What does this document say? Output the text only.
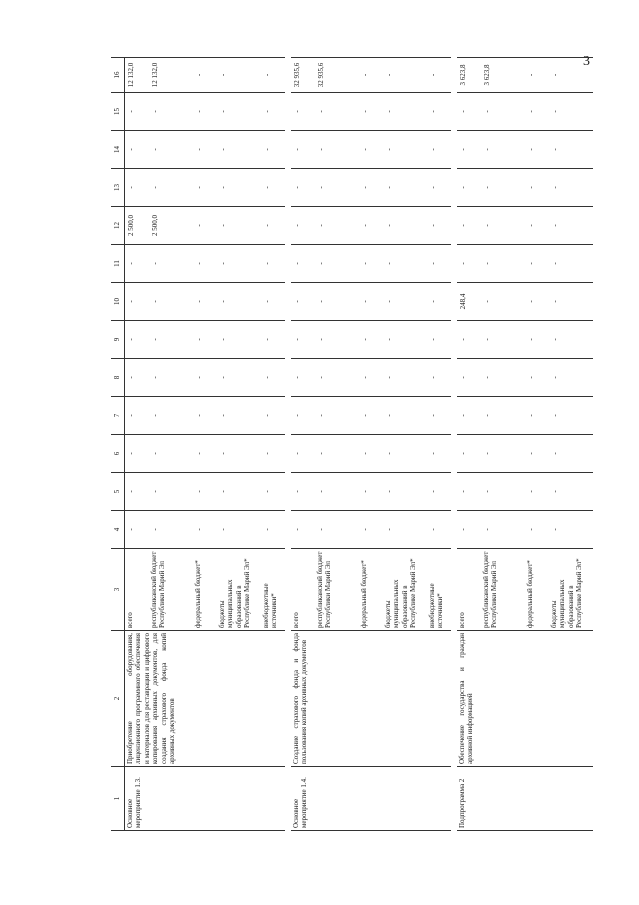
3
1	2	3	4	5	6	7	8	9	10	11	12	13	14	15	16
Основное мероприятие 1.3.	Приобретение оборудования, лицензионного программного обеспечения и материалов для реставрации и цифрового копирования архивных документов, для создания страхового фонда копий архивных документов	всего	-	-	-	-	-	-	-	-	2 500,0	-	-	-	12 132,0
		республиканский бюджет Республики Марий Эл	-	-	-	-	-	-	-	-	2 500,0	-	-	-	12 132,0
		федеральный бюджет*	-	-	-	-	-	-	-	-	-	-	-	-	-
		бюджеты муниципальных образований в Республике Марий Эл*	-	-	-	-	-	-	-	-	-	-	-	-	-
		внебюджетные источники*	-	-	-	-	-	-	-	-	-	-	-	-	-

Основное мероприятие 1.4.	Создание страхового фонда и фонда пользования копий архивных документов	всего	-	-	-	-	-	-	-	-	-	-	-	-	32 935,6
		республиканский бюджет Республики Марий Эл	-	-	-	-	-	-	-	-	-	-	-	-	32 935,6
		федеральный бюджет*	-	-	-	-	-	-	-	-	-	-	-	-	-
		бюджеты муниципальных образований в Республике Марий Эл*	-	-	-	-	-	-	-	-	-	-	-	-	-
		внебюджетные источники*	-	-	-	-	-	-	-	-	-	-	-	-	-

Подпрограмма 2	Обеспечение государства и граждан архивной информацией	всего	-	-	-	-	-	-	248,4	-	-	-	-	-	3 623,8
		республиканский бюджет Республики Марий Эл	-	-	-	-	-	-	-	-	-	-	-	-	3 623,8
		федеральный бюджет*	-	-	-	-	-	-	-	-	-	-	-	-	-
		бюджеты муниципальных образований в Республике Марий Эл*	-	-	-	-	-	-	-	-	-	-	-	-	-
